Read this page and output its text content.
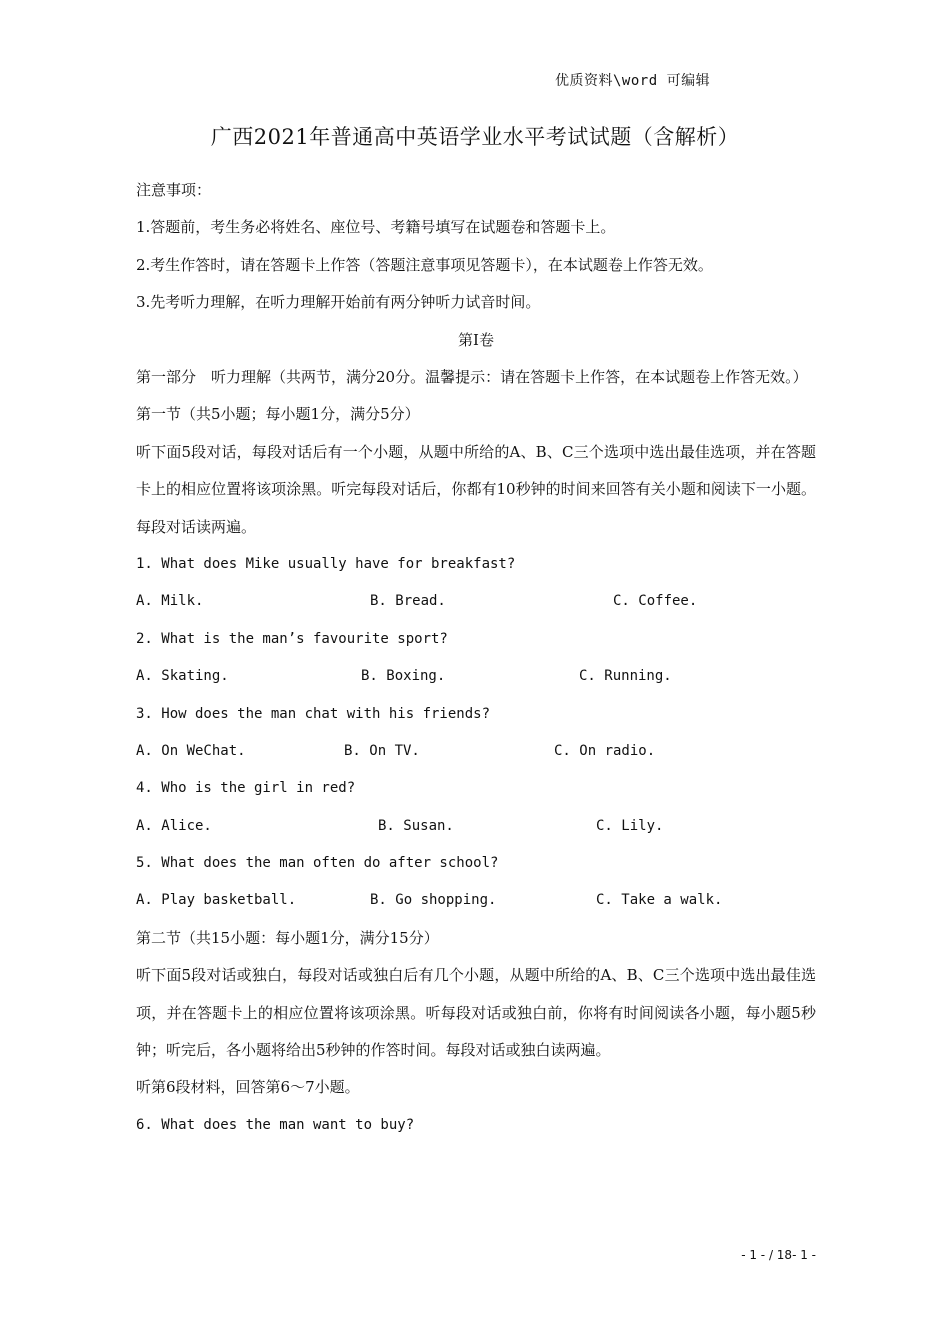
优质资料\word 可编辑
广西2021年普通高中英语学业水平考试试题（含解析）
注意事项：
1.答题前，考生务必将姓名、座位号、考籍号填写在试题卷和答题卡上。
2.考生作答时，请在答题卡上作答（答题注意事项见答题卡），在本试题卷上作答无效。
3.先考听力理解，在听力理解开始前有两分钟听力试音时间。
第Ⅰ卷
第一部分　听力理解（共两节，满分20分。温馨提示：请在答题卡上作答，在本试题卷上作答无效。）
第一节（共5小题；每小题1分，满分5分）
听下面5段对话，每段对话后有一个小题，从题中所给的A、B、C三个选项中选出最佳选项，并在答题卡上的相应位置将该项涂黑。听完每段对话后，你都有10秒钟的时间来回答有关小题和阅读下一小题。每段对话读两遍。
1. What does Mike usually have for breakfast?
A. Milk.	B. Bread.	C. Coffee.
2. What is the man’s favourite sport?
A. Skating.	B. Boxing.	C. Running.
3. How does the man chat with his friends?
A. On WeChat.	B. On TV.	C. On radio.
4. Who is the girl in red?
A. Alice.	B. Susan.	C. Lily.
5. What does the man often do after school?
A. Play basketball.	B. Go shopping.	C. Take a walk.
第二节（共15小题：每小题1分，满分15分）
听下面5段对话或独白，每段对话或独白后有几个小题，从题中所给的A、B、C三个选项中选出最佳选项，并在答题卡上的相应位置将该项涂黑。听每段对话或独白前，你将有时间阅读各小题，每小题5秒钟；听完后，各小题将给出5秒钟的作答时间。每段对话或独白读两遍。
听第6段材料，回答第6～7小题。
6. What does the man want to buy?
- 1 - / 18- 1 -
